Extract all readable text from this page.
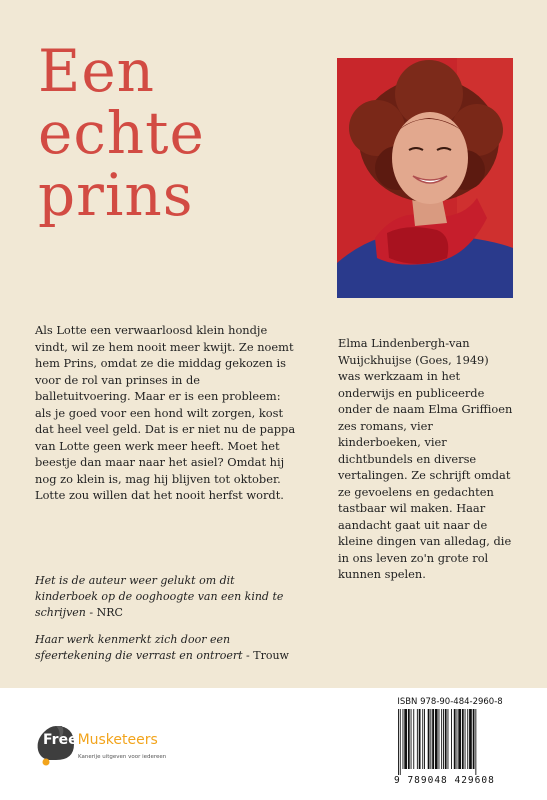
Een
echte
prins

Als Lotte een verwaarloosd klein hondje vindt, wil ze hem nooit meer kwijt. Ze noemt hem Prins, omdat ze die middag gekozen is voor de rol van prinses in de balletuitvoering. Maar er is een probleem: als je goed voor een hond wilt zorgen, kost dat heel veel geld. Dat is er niet nu de pappa van Lotte geen werk meer heeft. Moet het beestje dan maar naar het asiel? Omdat hij nog zo klein is, mag hij blijven tot oktober. Lotte zou willen dat het nooit herfst wordt.

Het is de auteur weer gelukt om dit kinderboek op de ooghoogte van een kind te schrijven - NRC

Haar werk kenmerkt zich door een sfeertekening die verrast en ontroert - Trouw

Elma Lindenbergh-van Wuijckhuijse (Goes, 1949) was werkzaam in het onderwijs en publiceerde onder de naam Elma Griffioen zes romans, vier kinderboeken, vier dichtbundels en diverse vertalingen. Ze schrijft omdat ze gevoelens en gedachten tastbaar wil maken. Haar aandacht gaat uit naar de kleine dingen van alledag, die in ons leven zo'n grote rol kunnen spelen.

FreeMusketeers
Kanerije uitgeven voor iedereen
ISBN 978-90-484-2960-8
9 789048 429608
